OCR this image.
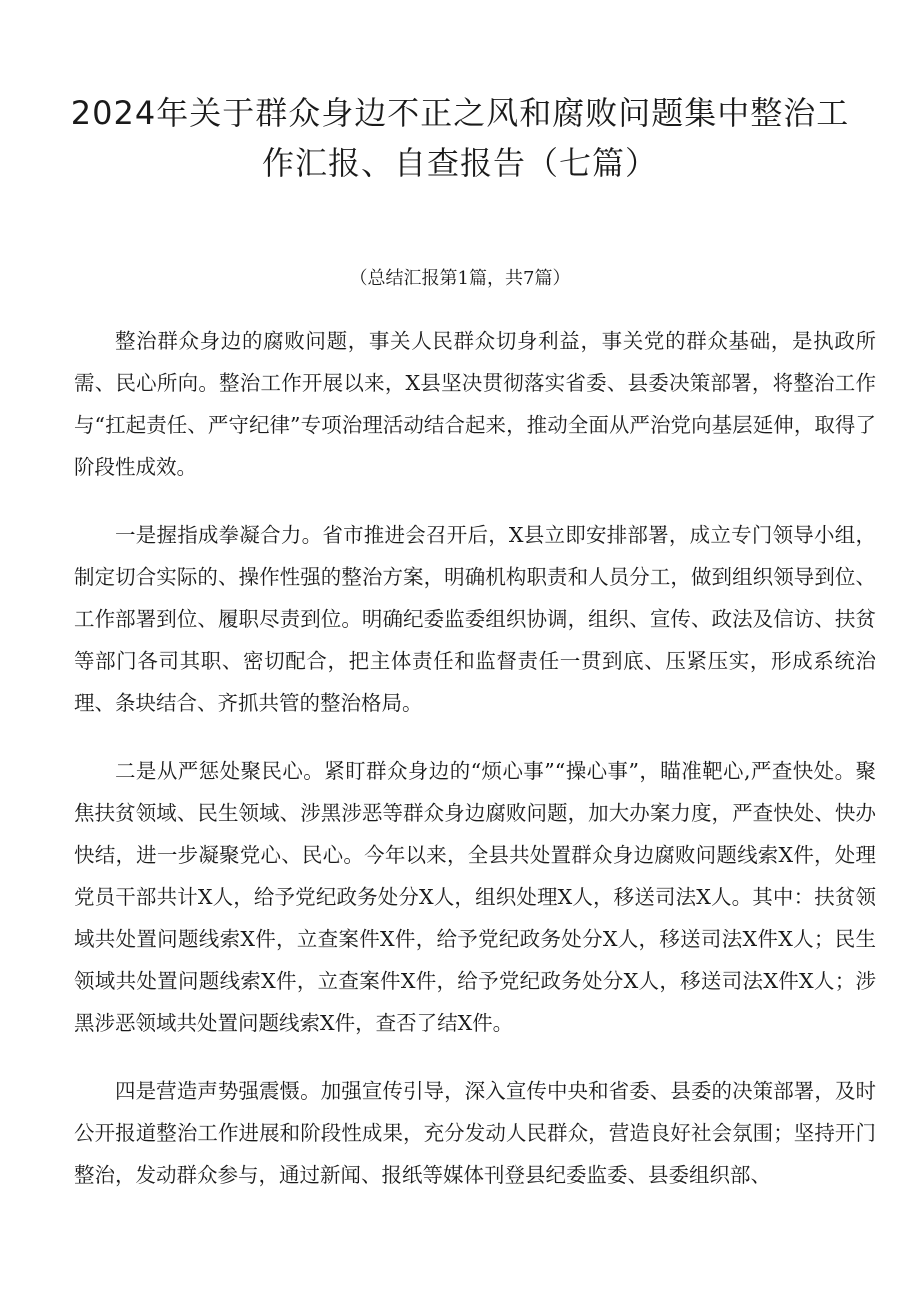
2024年关于群众身边不正之风和腐败问题集中整治工作汇报、自查报告（七篇）

（总结汇报第1篇，共7篇）

整治群众身边的腐败问题，事关人民群众切身利益，事关党的群众基础，是执政所需、民心所向。整治工作开展以来，X县坚决贯彻落实省委、县委决策部署，将整治工作与“扛起责任、严守纪律”专项治理活动结合起来，推动全面从严治党向基层延伸，取得了阶段性成效。

一是握指成拳凝合力。省市推进会召开后，X县立即安排部署，成立专门领导小组，制定切合实际的、操作性强的整治方案，明确机构职责和人员分工，做到组织领导到位、工作部署到位、履职尽责到位。明确纪委监委组织协调，组织、宣传、政法及信访、扶贫等部门各司其职、密切配合，把主体责任和监督责任一贯到底、压紧压实，形成系统治理、条块结合、齐抓共管的整治格局。

二是从严惩处聚民心。紧盯群众身边的“烦心事”“操心事”，瞄准靶心,严查快处。聚焦扶贫领域、民生领域、涉黑涉恶等群众身边腐败问题，加大办案力度，严查快处、快办快结，进一步凝聚党心、民心。今年以来，全县共处置群众身边腐败问题线索X件，处理党员干部共计X人，给予党纪政务处分X人，组织处理X人，移送司法X人。其中：扶贫领域共处置问题线索X件，立查案件X件，给予党纪政务处分X人，移送司法X件X人；民生领域共处置问题线索X件，立查案件X件，给予党纪政务处分X人，移送司法X件X人；涉黑涉恶领域共处置问题线索X件，查否了结X件。

四是营造声势强震慑。加强宣传引导，深入宣传中央和省委、县委的决策部署，及时公开报道整治工作进展和阶段性成果，充分发动人民群众，营造良好社会氛围；坚持开门整治，发动群众参与，通过新闻、报纸等媒体刊登县纪委监委、县委组织部、
